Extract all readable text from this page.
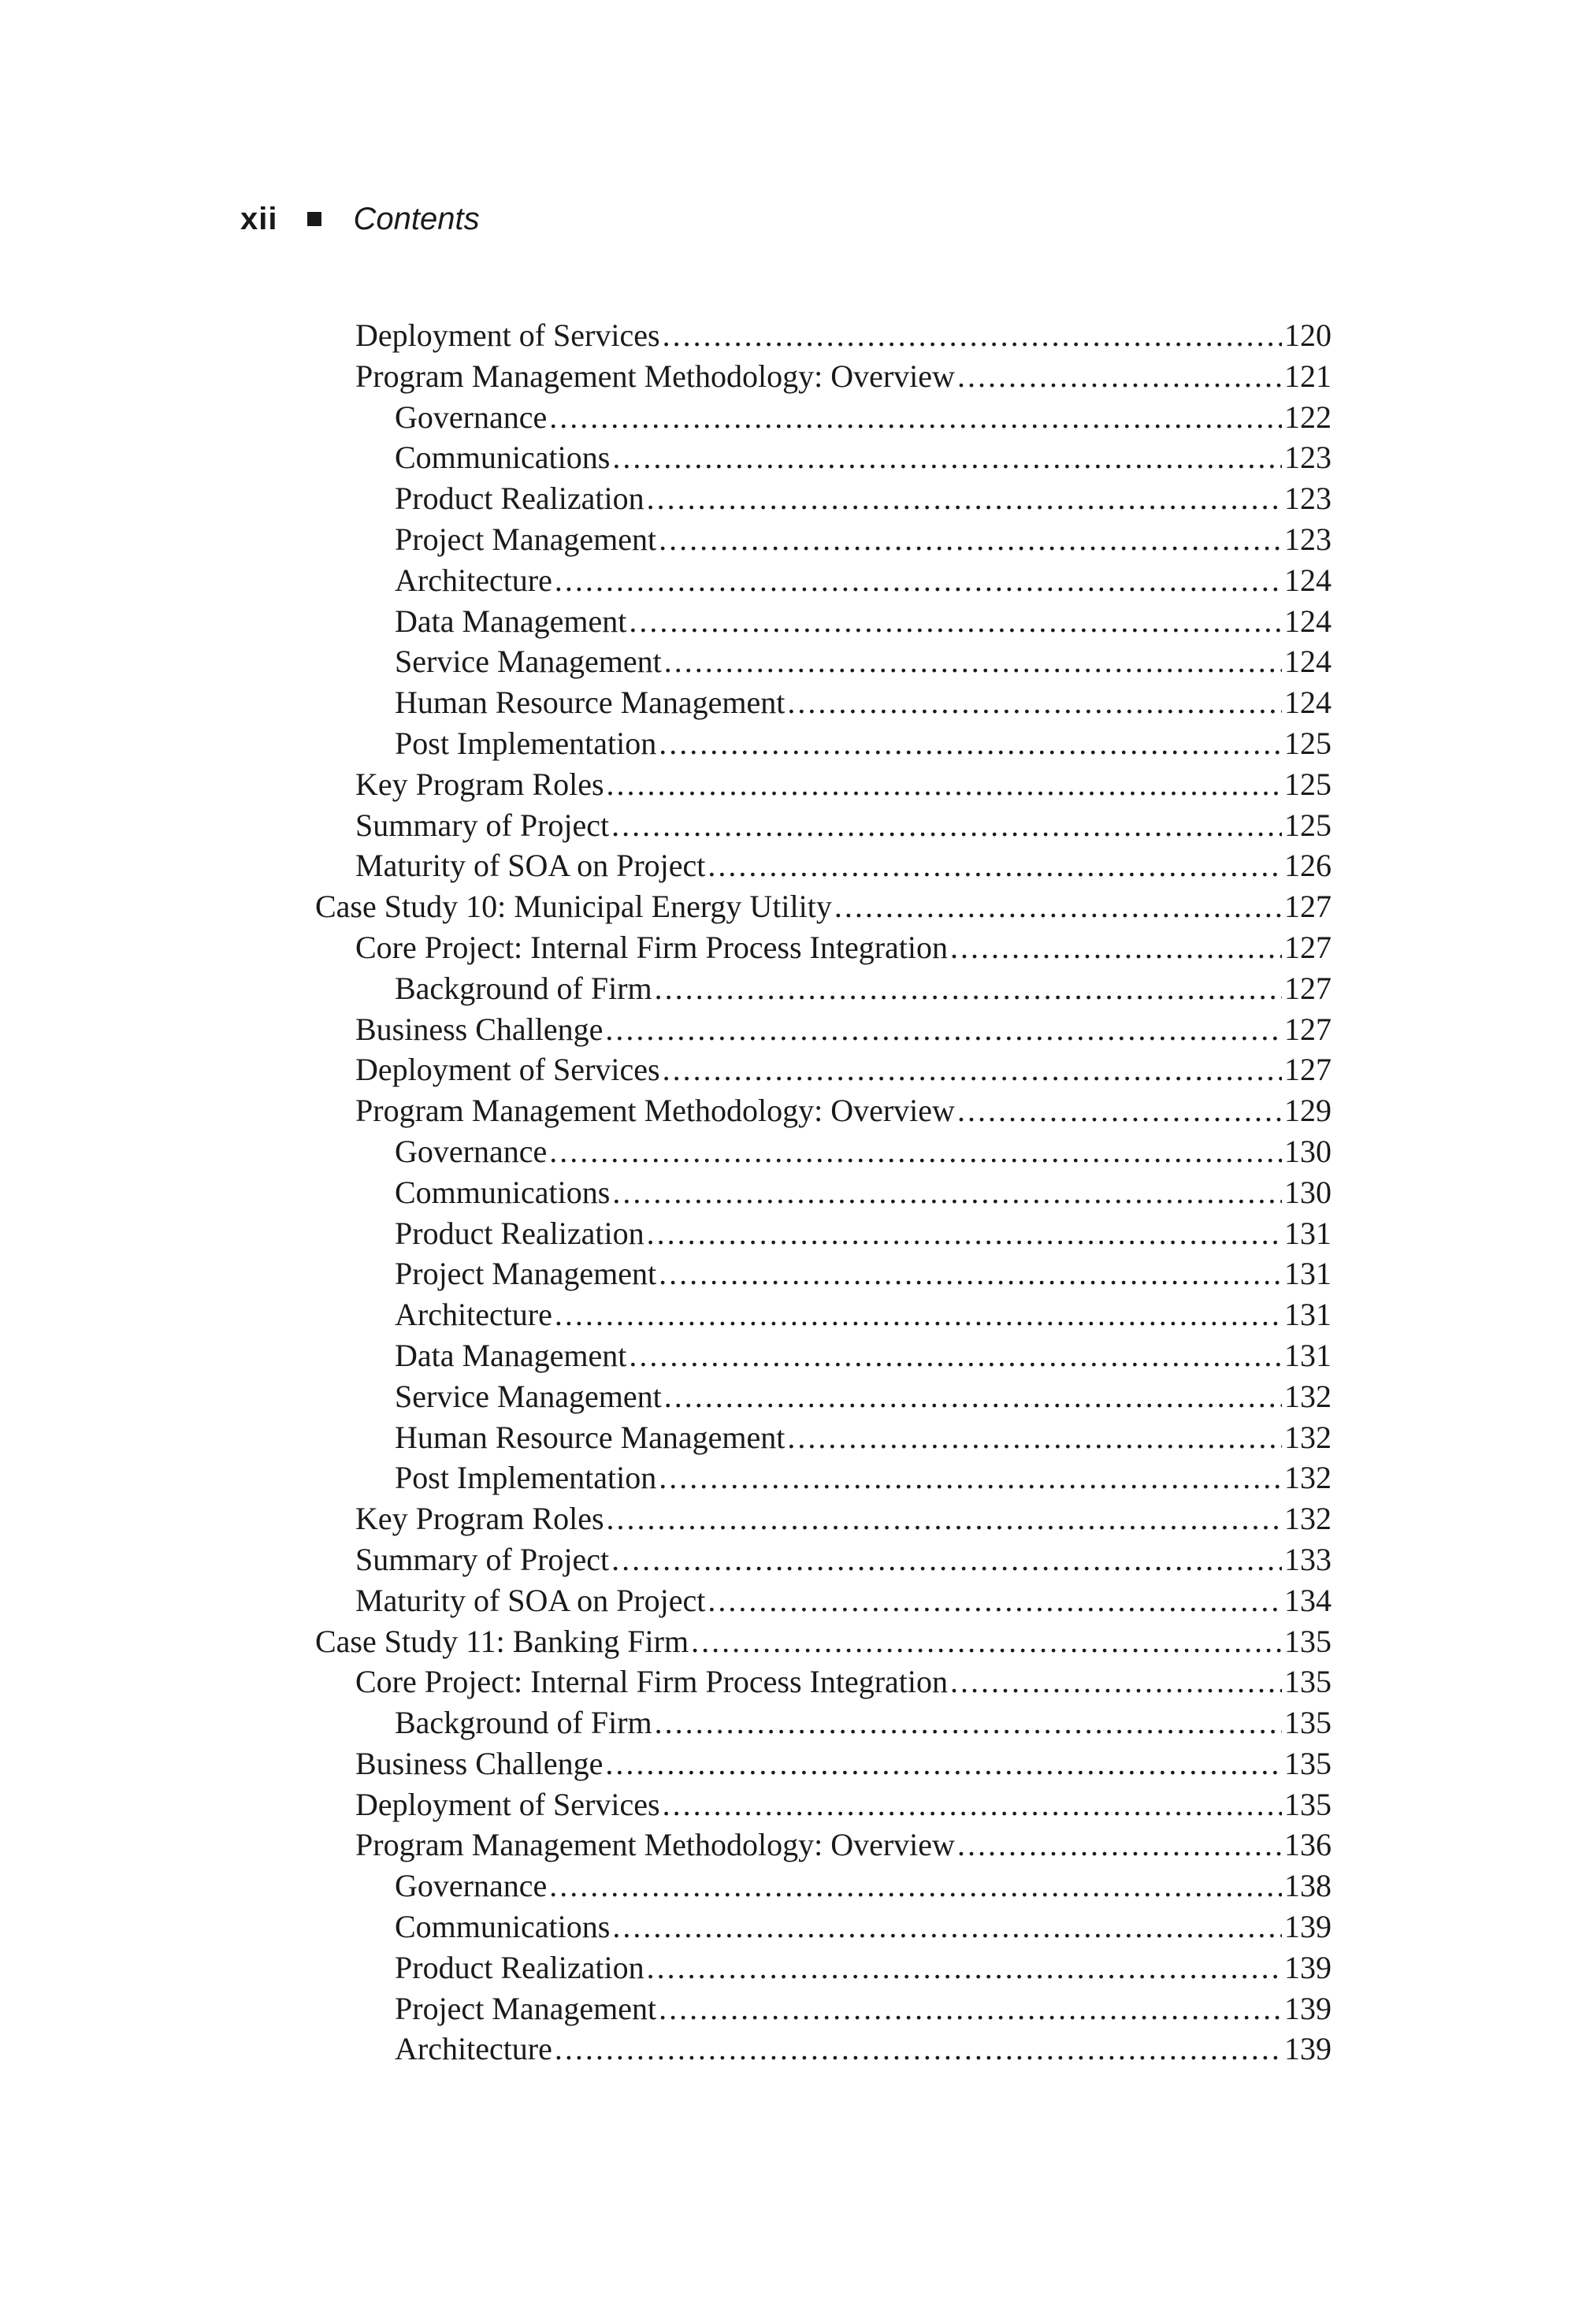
xii Contents
Deployment of Services .....	120
Program Management Methodology: Overview .....	121
Governance .....	122
Communications .....	123
Product Realization .....	123
Project Management .....	123
Architecture .....	124
Data Management .....	124
Service Management .....	124
Human Resource Management .....	124
Post Implementation .....	125
Key Program Roles .....	125
Summary of Project .....	125
Maturity of SOA on Project .....	126
Case Study 10: Municipal Energy Utility .....	127
Core Project: Internal Firm Process Integration .....	127
Background of Firm .....	127
Business Challenge .....	127
Deployment of Services .....	127
Program Management Methodology: Overview .....	129
Governance .....	130
Communications .....	130
Product Realization .....	131
Project Management .....	131
Architecture .....	131
Data Management .....	131
Service Management .....	132
Human Resource Management .....	132
Post Implementation .....	132
Key Program Roles .....	132
Summary of Project .....	133
Maturity of SOA on Project .....	134
Case Study 11: Banking Firm .....	135
Core Project: Internal Firm Process Integration .....	135
Background of Firm .....	135
Business Challenge .....	135
Deployment of Services .....	135
Program Management Methodology: Overview .....	136
Governance .....	138
Communications .....	139
Product Realization .....	139
Project Management .....	139
Architecture .....	139
